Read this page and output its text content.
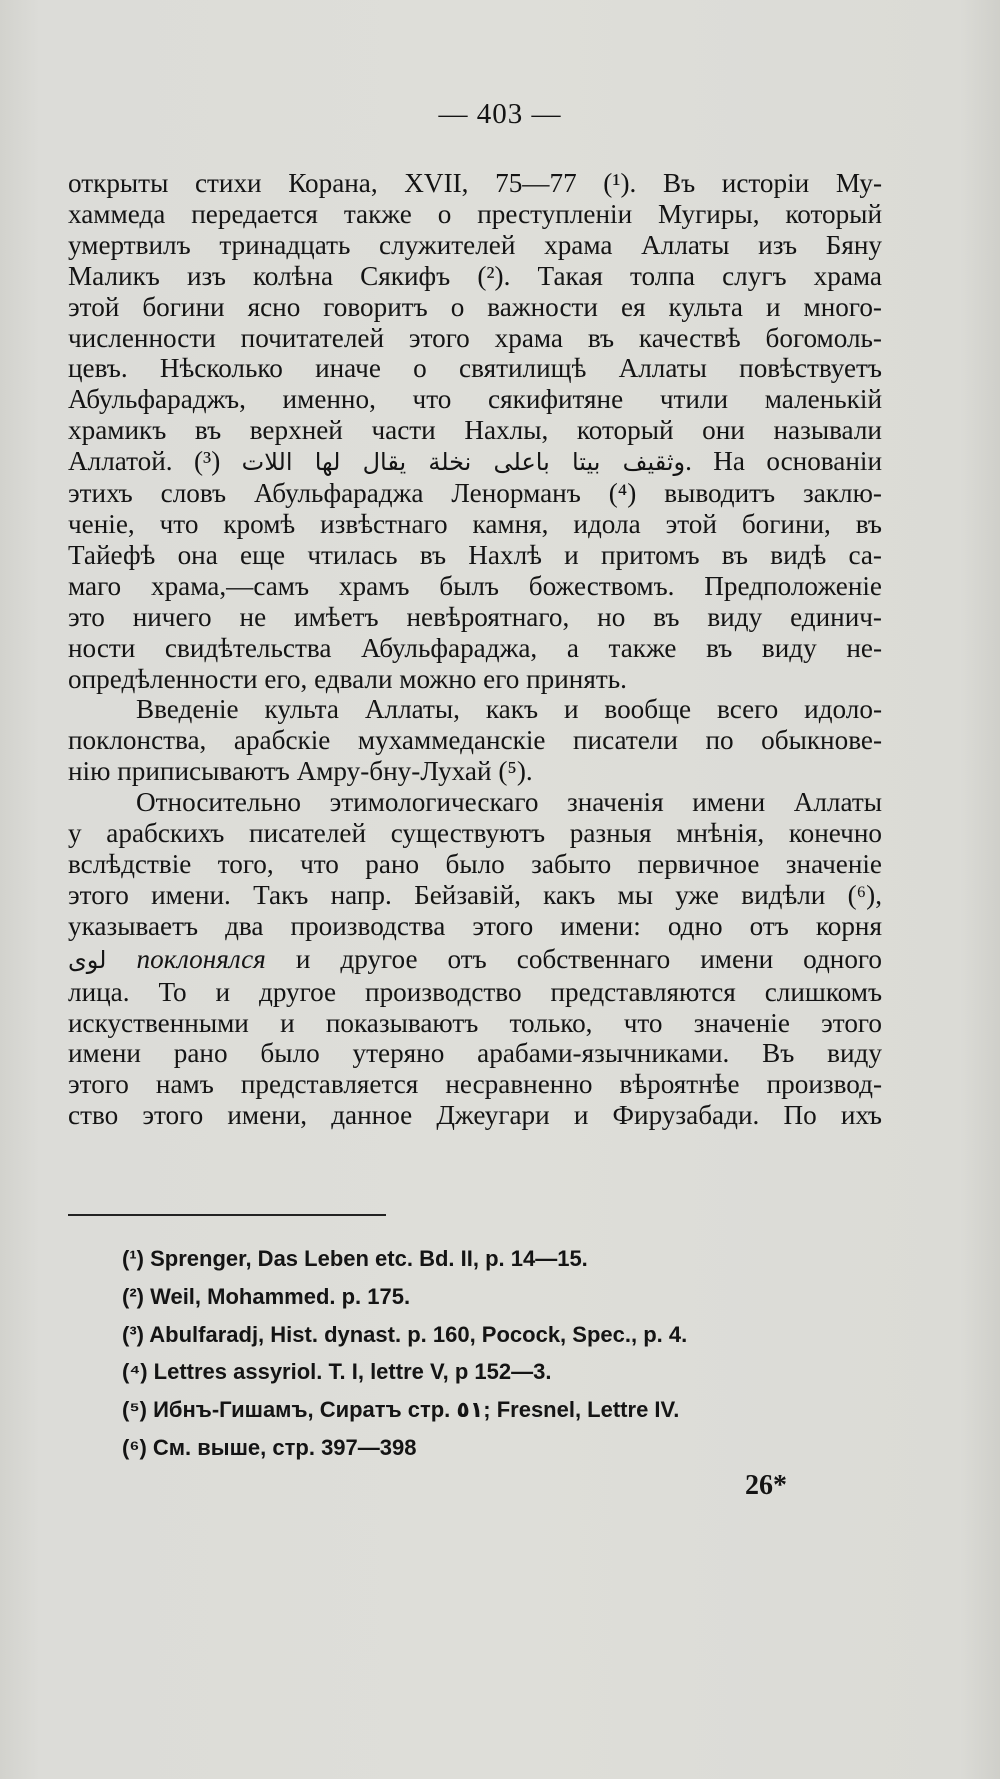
— 403 —
открыты стихи Корана, XVII, 75—77 (¹). Въ исторіи Му-
хаммеда передается также о преступленіи Мугиры, который
умертвилъ тринадцать служителей храма Аллаты изъ Бяну
Маликъ изъ колѣна Сякифъ (²). Такая толпа слугъ храма
этой богини ясно говоритъ о важности ея культа и много-
численности почитателей этого храма въ качествѣ богомоль-
цевъ. Нѣсколько иначе о святилищѣ Аллаты повѣствуетъ
Абульфараджъ, именно, что сякифитяне чтили маленькій
храмикъ въ верхней части Нахлы, который они называли
Аллатой.	وثقيف بيتا باعلى نخلة يقال لها اللات (³). На основаніи
этихъ словъ Абульфараджа Ленорманъ (⁴) выводитъ заклю-
ченіе, что кромѣ извѣстнаго камня, идола этой богини, въ
Тайефѣ она еще чтилась въ Нахлѣ и притомъ въ видѣ са-
маго храма,—самъ храмъ былъ божествомъ. Предположеніе
это ничего не имѣетъ невѣроятнаго, но въ виду единич-
ности свидѣтельства Абульфараджа, а также въ виду не-
опредѣленности его, едвали можно его принять.
Введеніе культа Аллаты, какъ и вообще всего идоло-
поклонства, арабскіе мухаммеданскіе писатели по обыкнове-
нію приписываютъ Амру-бну-Лухай (⁵).
Относительно этимологическаго значенія имени Аллаты
у арабскихъ писателей существуютъ разныя мнѣнія, конечно
вслѣдствіе того, что рано было забыто первичное значеніе
этого имени. Такъ напр. Бейзавій, какъ мы уже видѣли (⁶),
указываетъ два производства этого имени: одно отъ корня
لوى поклонялся и другое отъ собственнаго имени одного
лица. То и другое производство представляются слишкомъ
искуственными и показываютъ только, что значеніе этого
имени рано было утеряно арабами-язычниками. Въ виду
этого намъ представляется несравненно вѣроятнѣе производ-
ство этого имени, данное Джеугари и Фирузабади. По ихъ
(¹) Sprenger, Das Leben etc. Bd. II, p. 14—15.
(²) Weil, Mohammed. p. 175.
(³) Abulfaradj, Hist. dynast. p. 160, Pocock, Spec., p. 4.
(⁴) Lettres assyriol. T. I, lettre V, p 152—3.
(⁵) Ибнъ-Гишамъ, Сиратъ стр. ٥١; Fresnel, Lettre IV.
(⁶) См. выше, стр. 397—398
26*
